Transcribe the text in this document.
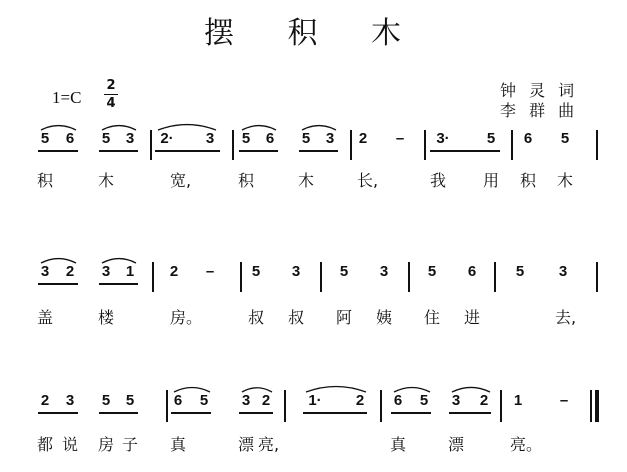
摆 积 木
1=C
2
4
钟 灵 词
李 群 曲
5 6 5 3	2·	3 5 6 5 3 2 –	3·	5 6 5
积	木	宽,	积	木	长,	我	用	积	木
3 2 3 1 2 –	5 3	5 3	5 6	5 3
盖	楼	房。	叔	叔	阿	姨	住	进	去,
2 3 5 5	6 5 3 2	1·	2 6 5 3 2 1	–
都 说	房 子	真	漂 亮,	真	漂	亮。
